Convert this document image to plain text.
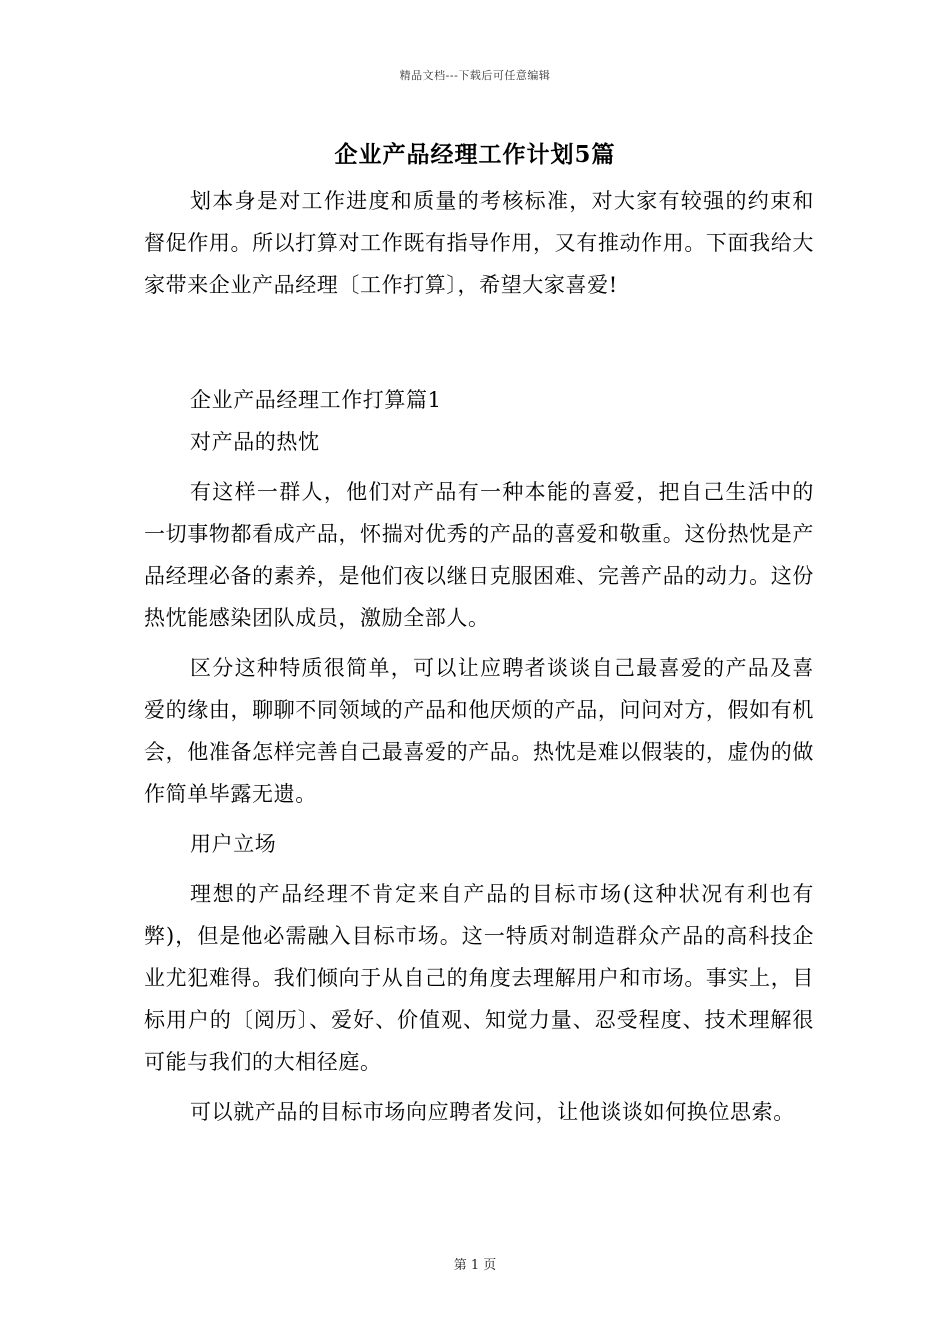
精品文档---下载后可任意编辑
企业产品经理工作计划5篇

划本身是对工作进度和质量的考核标准，对大家有较强的约束和督促作用。所以打算对工作既有指导作用，又有推动作用。下面我给大家带来企业产品经理〔工作打算〕，希望大家喜爱!

企业产品经理工作打算篇1

对产品的热忱

有这样一群人，他们对产品有一种本能的喜爱，把自己生活中的一切事物都看成产品，怀揣对优秀的产品的喜爱和敬重。这份热忱是产品经理必备的素养，是他们夜以继日克服困难、完善产品的动力。这份热忱能感染团队成员，激励全部人。

区分这种特质很简单，可以让应聘者谈谈自己最喜爱的产品及喜爱的缘由，聊聊不同领域的产品和他厌烦的产品，问问对方，假如有机会，他准备怎样完善自己最喜爱的产品。热忱是难以假装的，虚伪的做作简单毕露无遗。

用户立场

理想的产品经理不肯定来自产品的目标市场(这种状况有利也有弊)，但是他必需融入目标市场。这一特质对制造群众产品的高科技企业尤犯难得。我们倾向于从自己的角度去理解用户和市场。事实上，目标用户的〔阅历〕、爱好、价值观、知觉力量、忍受程度、技术理解很可能与我们的大相径庭。

可以就产品的目标市场向应聘者发问，让他谈谈如何换位思索。

第 1 页
